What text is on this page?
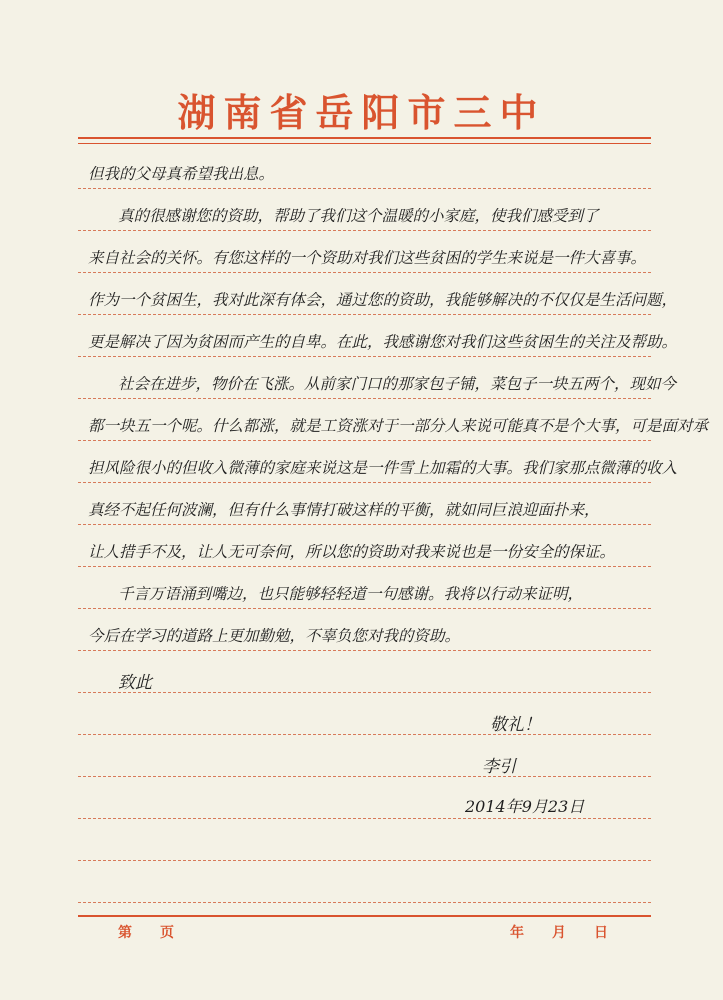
湖南省岳阳市三中
但我的父母真希望我出息。
真的很感谢您的资助，帮助了我们这个温暖的小家庭，使我们感受到了
来自社会的关怀。有您这样的一个资助对我们这些贫困的学生来说是一件大喜事。
作为一个贫困生，我对此深有体会，通过您的资助，我能够解决的不仅仅是生活问题，
更是解决了因为贫困而产生的自卑。在此，我感谢您对我们这些贫困生的关注及帮助。
社会在进步，物价在飞涨。从前家门口的那家包子铺，菜包子一块五两个，现如今
都一块五一个呢。什么都涨，就是工资涨对于一部分人来说可能真不是个大事，可是面对承
担风险很小的但收入微薄的家庭来说这是一件雪上加霜的大事。我们家那点微薄的收入
真经不起任何波澜，但有什么事情打破这样的平衡，就如同巨浪迎面扑来，
让人措手不及，让人无可奈何，所以您的资助对我来说也是一份安全的保证。
千言万语涌到嘴边，也只能够轻轻道一句感谢。我将以行动来证明，
今后在学习的道路上更加勤勉，不辜负您对我的资助。
致此
敬礼！
李引
2014年9月23日
第　　页	年　　月　　日
